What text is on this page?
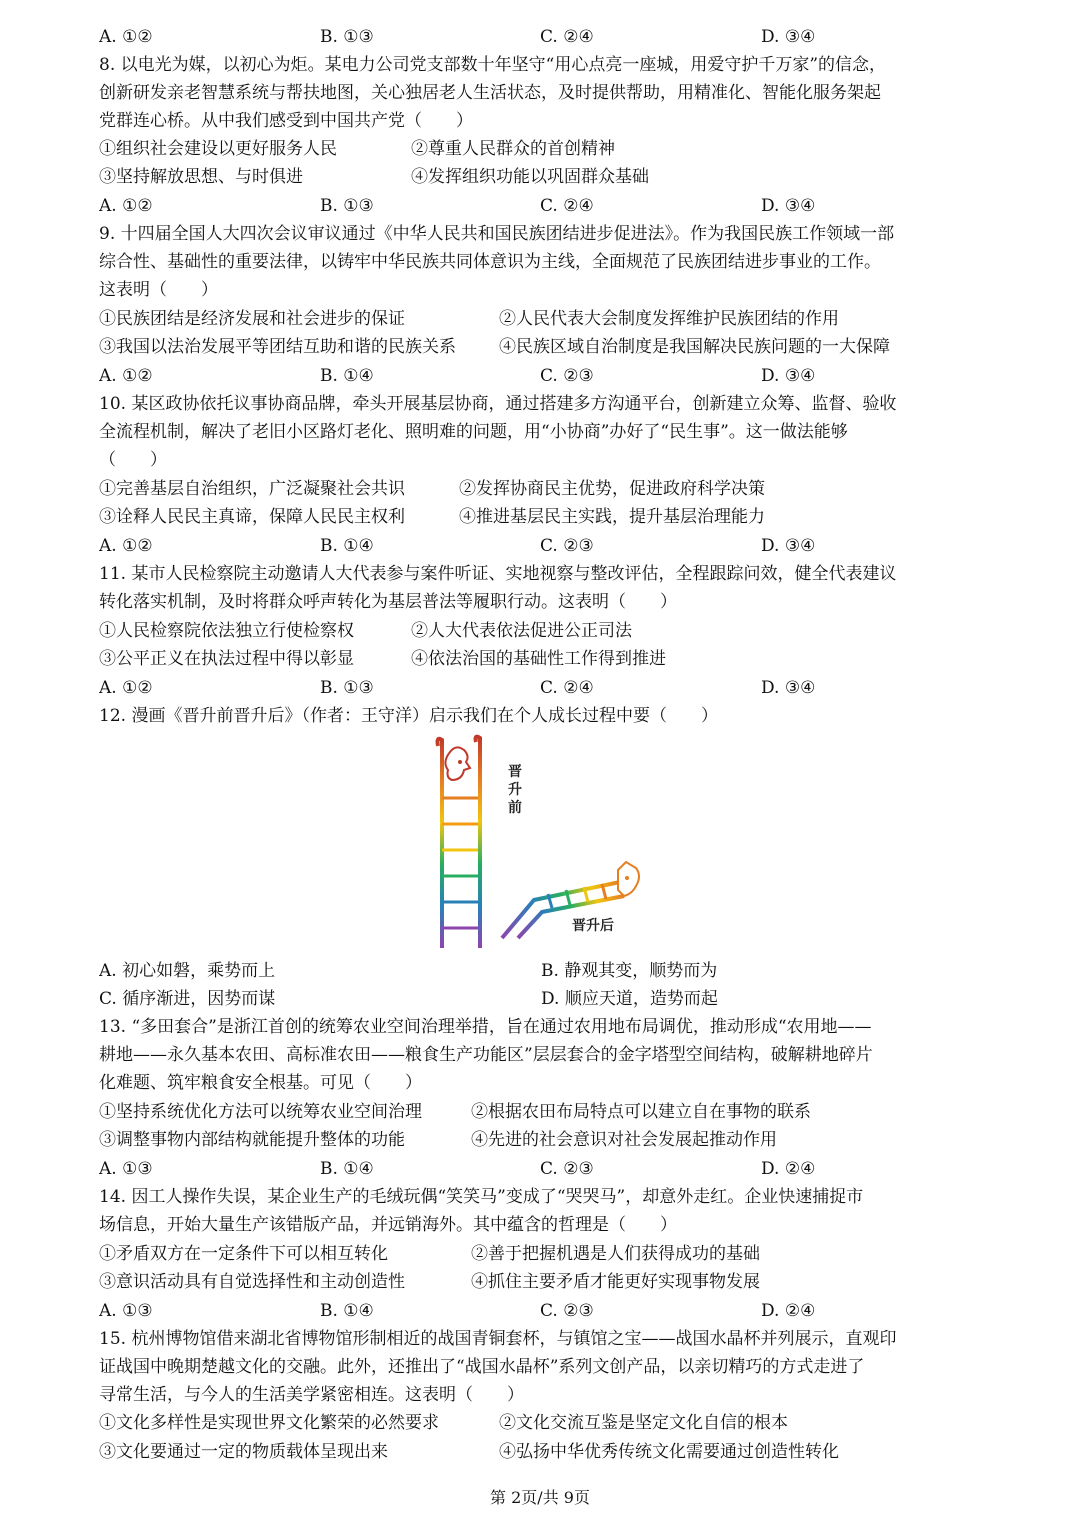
A. ①②	B. ①③	C. ②④	D. ③④
8. 以电光为媒，以初心为炬。某电力公司党支部数十年坚守“用心点亮一座城，用爱守护千万家”的信念，
创新研发亲老智慧系统与帮扶地图，关心独居老人生活状态，及时提供帮助，用精准化、智能化服务架起
党群连心桥。从中我们感受到中国共产党（　　）
①组织社会建设以更好服务人民	②尊重人民群众的首创精神
③坚持解放思想、与时俱进	④发挥组织功能以巩固群众基础
A. ①②	B. ①③	C. ②④	D. ③④
9. 十四届全国人大四次会议审议通过《中华人民共和国民族团结进步促进法》。作为我国民族工作领域一部
综合性、基础性的重要法律，以铸牢中华民族共同体意识为主线，全面规范了民族团结进步事业的工作。
这表明（　　）
①民族团结是经济发展和社会进步的保证	②人民代表大会制度发挥维护民族团结的作用
③我国以法治发展平等团结互助和谐的民族关系	④民族区域自治制度是我国解决民族问题的一大保障
A. ①②	B. ①④	C. ②③	D. ③④
10. 某区政协依托议事协商品牌，牵头开展基层协商，通过搭建多方沟通平台，创新建立众筹、监督、验收
全流程机制，解决了老旧小区路灯老化、照明难的问题，用“小协商”办好了“民生事”。这一做法能够
（　　）
①完善基层自治组织，广泛凝聚社会共识	②发挥协商民主优势，促进政府科学决策
③诠释人民民主真谛，保障人民民主权利	④推进基层民主实践，提升基层治理能力
A. ①②	B. ①④	C. ②③	D. ③④
11. 某市人民检察院主动邀请人大代表参与案件听证、实地视察与整改评估，全程跟踪问效，健全代表建议
转化落实机制，及时将群众呼声转化为基层普法等履职行动。这表明（　　）
①人民检察院依法独立行使检察权	②人大代表依法促进公正司法
③公平正义在执法过程中得以彰显	④依法治国的基础性工作得到推进
A. ①②	B. ①③	C. ②④	D. ③④
12. 漫画《晋升前晋升后》（作者：王守洋）启示我们在个人成长过程中要（　　）
晋
升
前
晋升后
A. 初心如磐，乘势而上	B. 静观其变，顺势而为
C. 循序渐进，因势而谋	D. 顺应天道，造势而起
13. “多田套合”是浙江首创的统筹农业空间治理举措，旨在通过农用地布局调优，推动形成“农用地——
耕地——永久基本农田、高标准农田——粮食生产功能区”层层套合的金字塔型空间结构，破解耕地碎片
化难题、筑牢粮食安全根基。可见（　　）
①坚持系统优化方法可以统筹农业空间治理	②根据农田布局特点可以建立自在事物的联系
③调整事物内部结构就能提升整体的功能	④先进的社会意识对社会发展起推动作用
A. ①③	B. ①④	C. ②③	D. ②④
14. 因工人操作失误，某企业生产的毛绒玩偶“笑笑马”变成了“哭哭马”，却意外走红。企业快速捕捉市
场信息，开始大量生产该错版产品，并远销海外。其中蕴含的哲理是（　　）
①矛盾双方在一定条件下可以相互转化	②善于把握机遇是人们获得成功的基础
③意识活动具有自觉选择性和主动创造性	④抓住主要矛盾才能更好实现事物发展
A. ①③	B. ①④	C. ②③	D. ②④
15. 杭州博物馆借来湖北省博物馆形制相近的战国青铜套杯，与镇馆之宝——战国水晶杯并列展示，直观印
证战国中晚期楚越文化的交融。此外，还推出了“战国水晶杯”系列文创产品，以亲切精巧的方式走进了
寻常生活，与今人的生活美学紧密相连。这表明（　　）
①文化多样性是实现世界文化繁荣的必然要求	②文化交流互鉴是坚定文化自信的根本
③文化要通过一定的物质载体呈现出来	④弘扬中华优秀传统文化需要通过创造性转化
第 2页/共 9页
